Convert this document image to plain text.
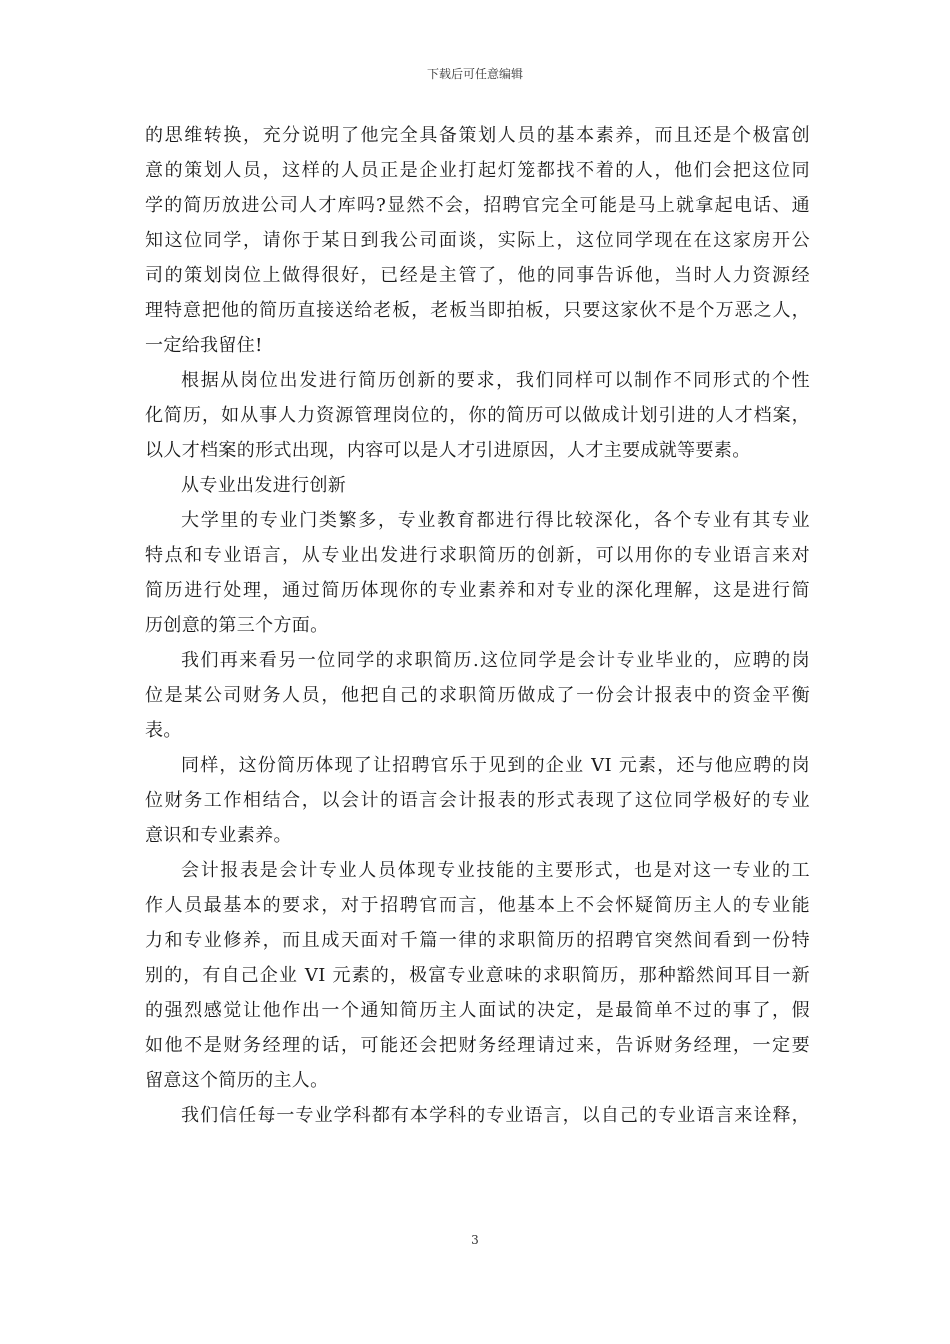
下载后可任意编辑
的思维转换，充分说明了他完全具备策划人员的基本素养，而且还是个极富创
意的策划人员，这样的人员正是企业打起灯笼都找不着的人，他们会把这位同
学的简历放进公司人才库吗?显然不会，招聘官完全可能是马上就拿起电话、通
知这位同学，请你于某日到我公司面谈，实际上，这位同学现在在这家房开公
司的策划岗位上做得很好，已经是主管了，他的同事告诉他，当时人力资源经
理特意把他的简历直接送给老板，老板当即拍板，只要这家伙不是个万恶之人，
一定给我留住!
根据从岗位出发进行简历创新的要求，我们同样可以制作不同形式的个性
化简历，如从事人力资源管理岗位的，你的简历可以做成计划引进的人才档案，
以人才档案的形式出现，内容可以是人才引进原因，人才主要成就等要素。
从专业出发进行创新
大学里的专业门类繁多，专业教育都进行得比较深化，各个专业有其专业
特点和专业语言，从专业出发进行求职简历的创新，可以用你的专业语言来对
简历进行处理，通过简历体现你的专业素养和对专业的深化理解，这是进行简
历创意的第三个方面。
我们再来看另一位同学的求职简历.这位同学是会计专业毕业的，应聘的岗
位是某公司财务人员，他把自己的求职简历做成了一份会计报表中的资金平衡
表。
同样，这份简历体现了让招聘官乐于见到的企业 VI 元素，还与他应聘的岗
位财务工作相结合，以会计的语言会计报表的形式表现了这位同学极好的专业
意识和专业素养。
会计报表是会计专业人员体现专业技能的主要形式，也是对这一专业的工
作人员最基本的要求，对于招聘官而言，他基本上不会怀疑简历主人的专业能
力和专业修养，而且成天面对千篇一律的求职简历的招聘官突然间看到一份特
别的，有自己企业 VI 元素的，极富专业意味的求职简历，那种豁然间耳目一新
的强烈感觉让他作出一个通知简历主人面试的决定，是最简单不过的事了，假
如他不是财务经理的话，可能还会把财务经理请过来，告诉财务经理，一定要
留意这个简历的主人。
我们信任每一专业学科都有本学科的专业语言，以自己的专业语言来诠释，
3
